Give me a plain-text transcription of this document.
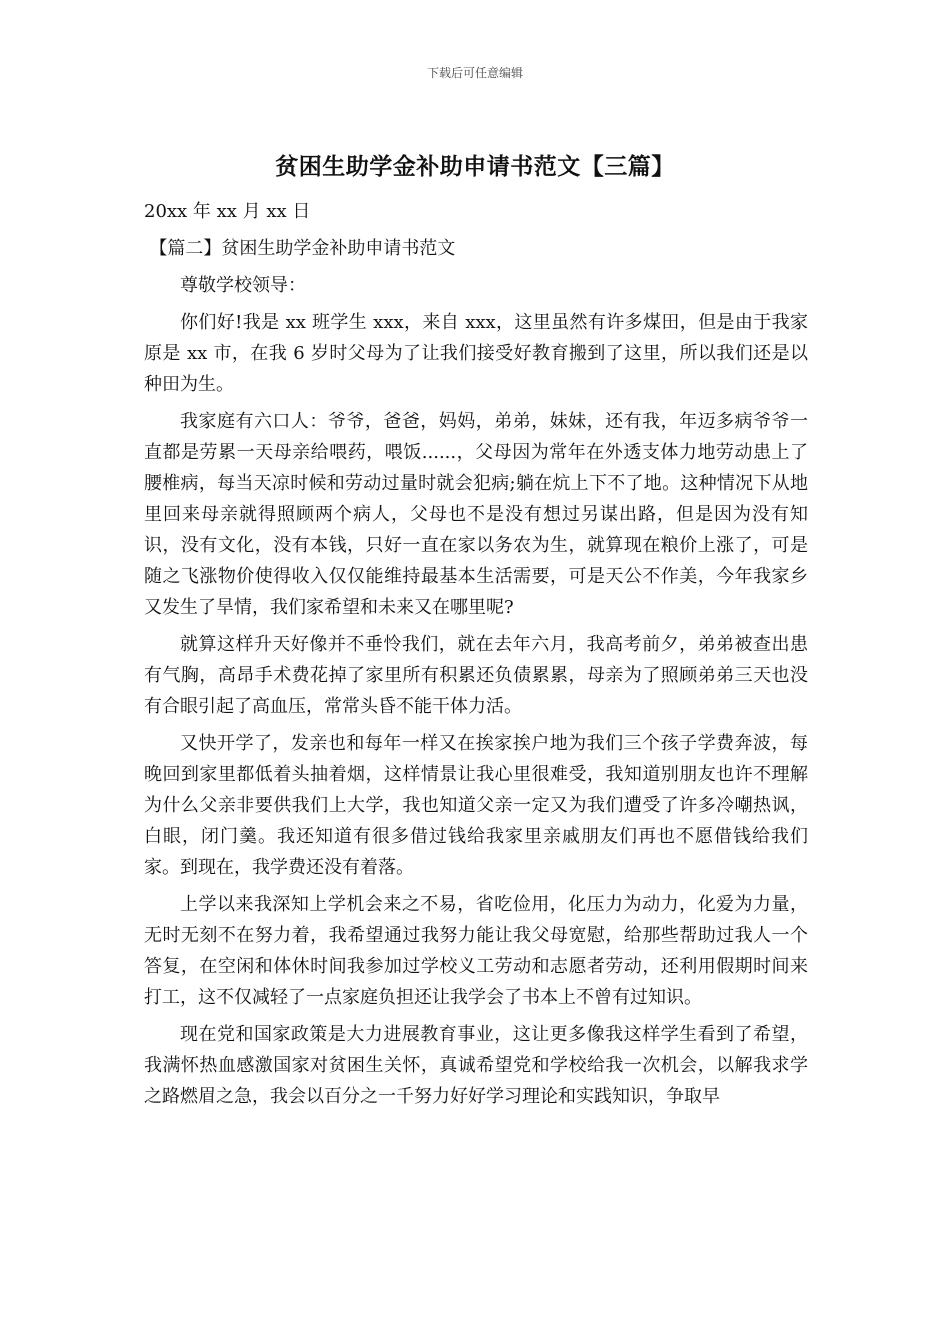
下载后可任意编辑
贫困生助学金补助申请书范文【三篇】

20xx 年 xx 月 xx 日

【篇二】贫困生助学金补助申请书范文

尊敬学校领导：

你们好!我是 xx 班学生 xxx，来自 xxx，这里虽然有许多煤田，但是由于我家原是 xx 市，在我 6 岁时父母为了让我们接受好教育搬到了这里，所以我们还是以种田为生。

我家庭有六口人：爷爷，爸爸，妈妈，弟弟，妹妹，还有我，年迈多病爷爷一直都是劳累一天母亲给喂药，喂饭......，父母因为常年在外透支体力地劳动患上了腰椎病，每当天凉时候和劳动过量时就会犯病;躺在炕上下不了地。这种情况下从地里回来母亲就得照顾两个病人，父母也不是没有想过另谋出路，但是因为没有知识，没有文化，没有本钱，只好一直在家以务农为生，就算现在粮价上涨了，可是随之飞涨物价使得收入仅仅能维持最基本生活需要，可是天公不作美，今年我家乡又发生了旱情，我们家希望和未来又在哪里呢?

就算这样升天好像并不垂怜我们，就在去年六月，我高考前夕，弟弟被查出患有气胸，高昂手术费花掉了家里所有积累还负债累累，母亲为了照顾弟弟三天也没有合眼引起了高血压，常常头昏不能干体力活。

又快开学了，发亲也和每年一样又在挨家挨户地为我们三个孩子学费奔波，每晚回到家里都低着头抽着烟，这样情景让我心里很难受，我知道别朋友也许不理解为什么父亲非要供我们上大学，我也知道父亲一定又为我们遭受了许多冷嘲热讽，白眼，闭门羹。我还知道有很多借过钱给我家里亲戚朋友们再也不愿借钱给我们家。到现在，我学费还没有着落。

上学以来我深知上学机会来之不易，省吃俭用，化压力为动力，化爱为力量，无时无刻不在努力着，我希望通过我努力能让我父母宽慰，给那些帮助过我人一个答复，在空闲和体休时间我参加过学校义工劳动和志愿者劳动，还利用假期时间来打工，这不仅减轻了一点家庭负担还让我学会了书本上不曾有过知识。

现在党和国家政策是大力进展教育事业，这让更多像我这样学生看到了希望，我满怀热血感激国家对贫困生关怀，真诚希望党和学校给我一次机会，以解我求学之路燃眉之急，我会以百分之一千努力好好学习理论和实践知识，争取早
